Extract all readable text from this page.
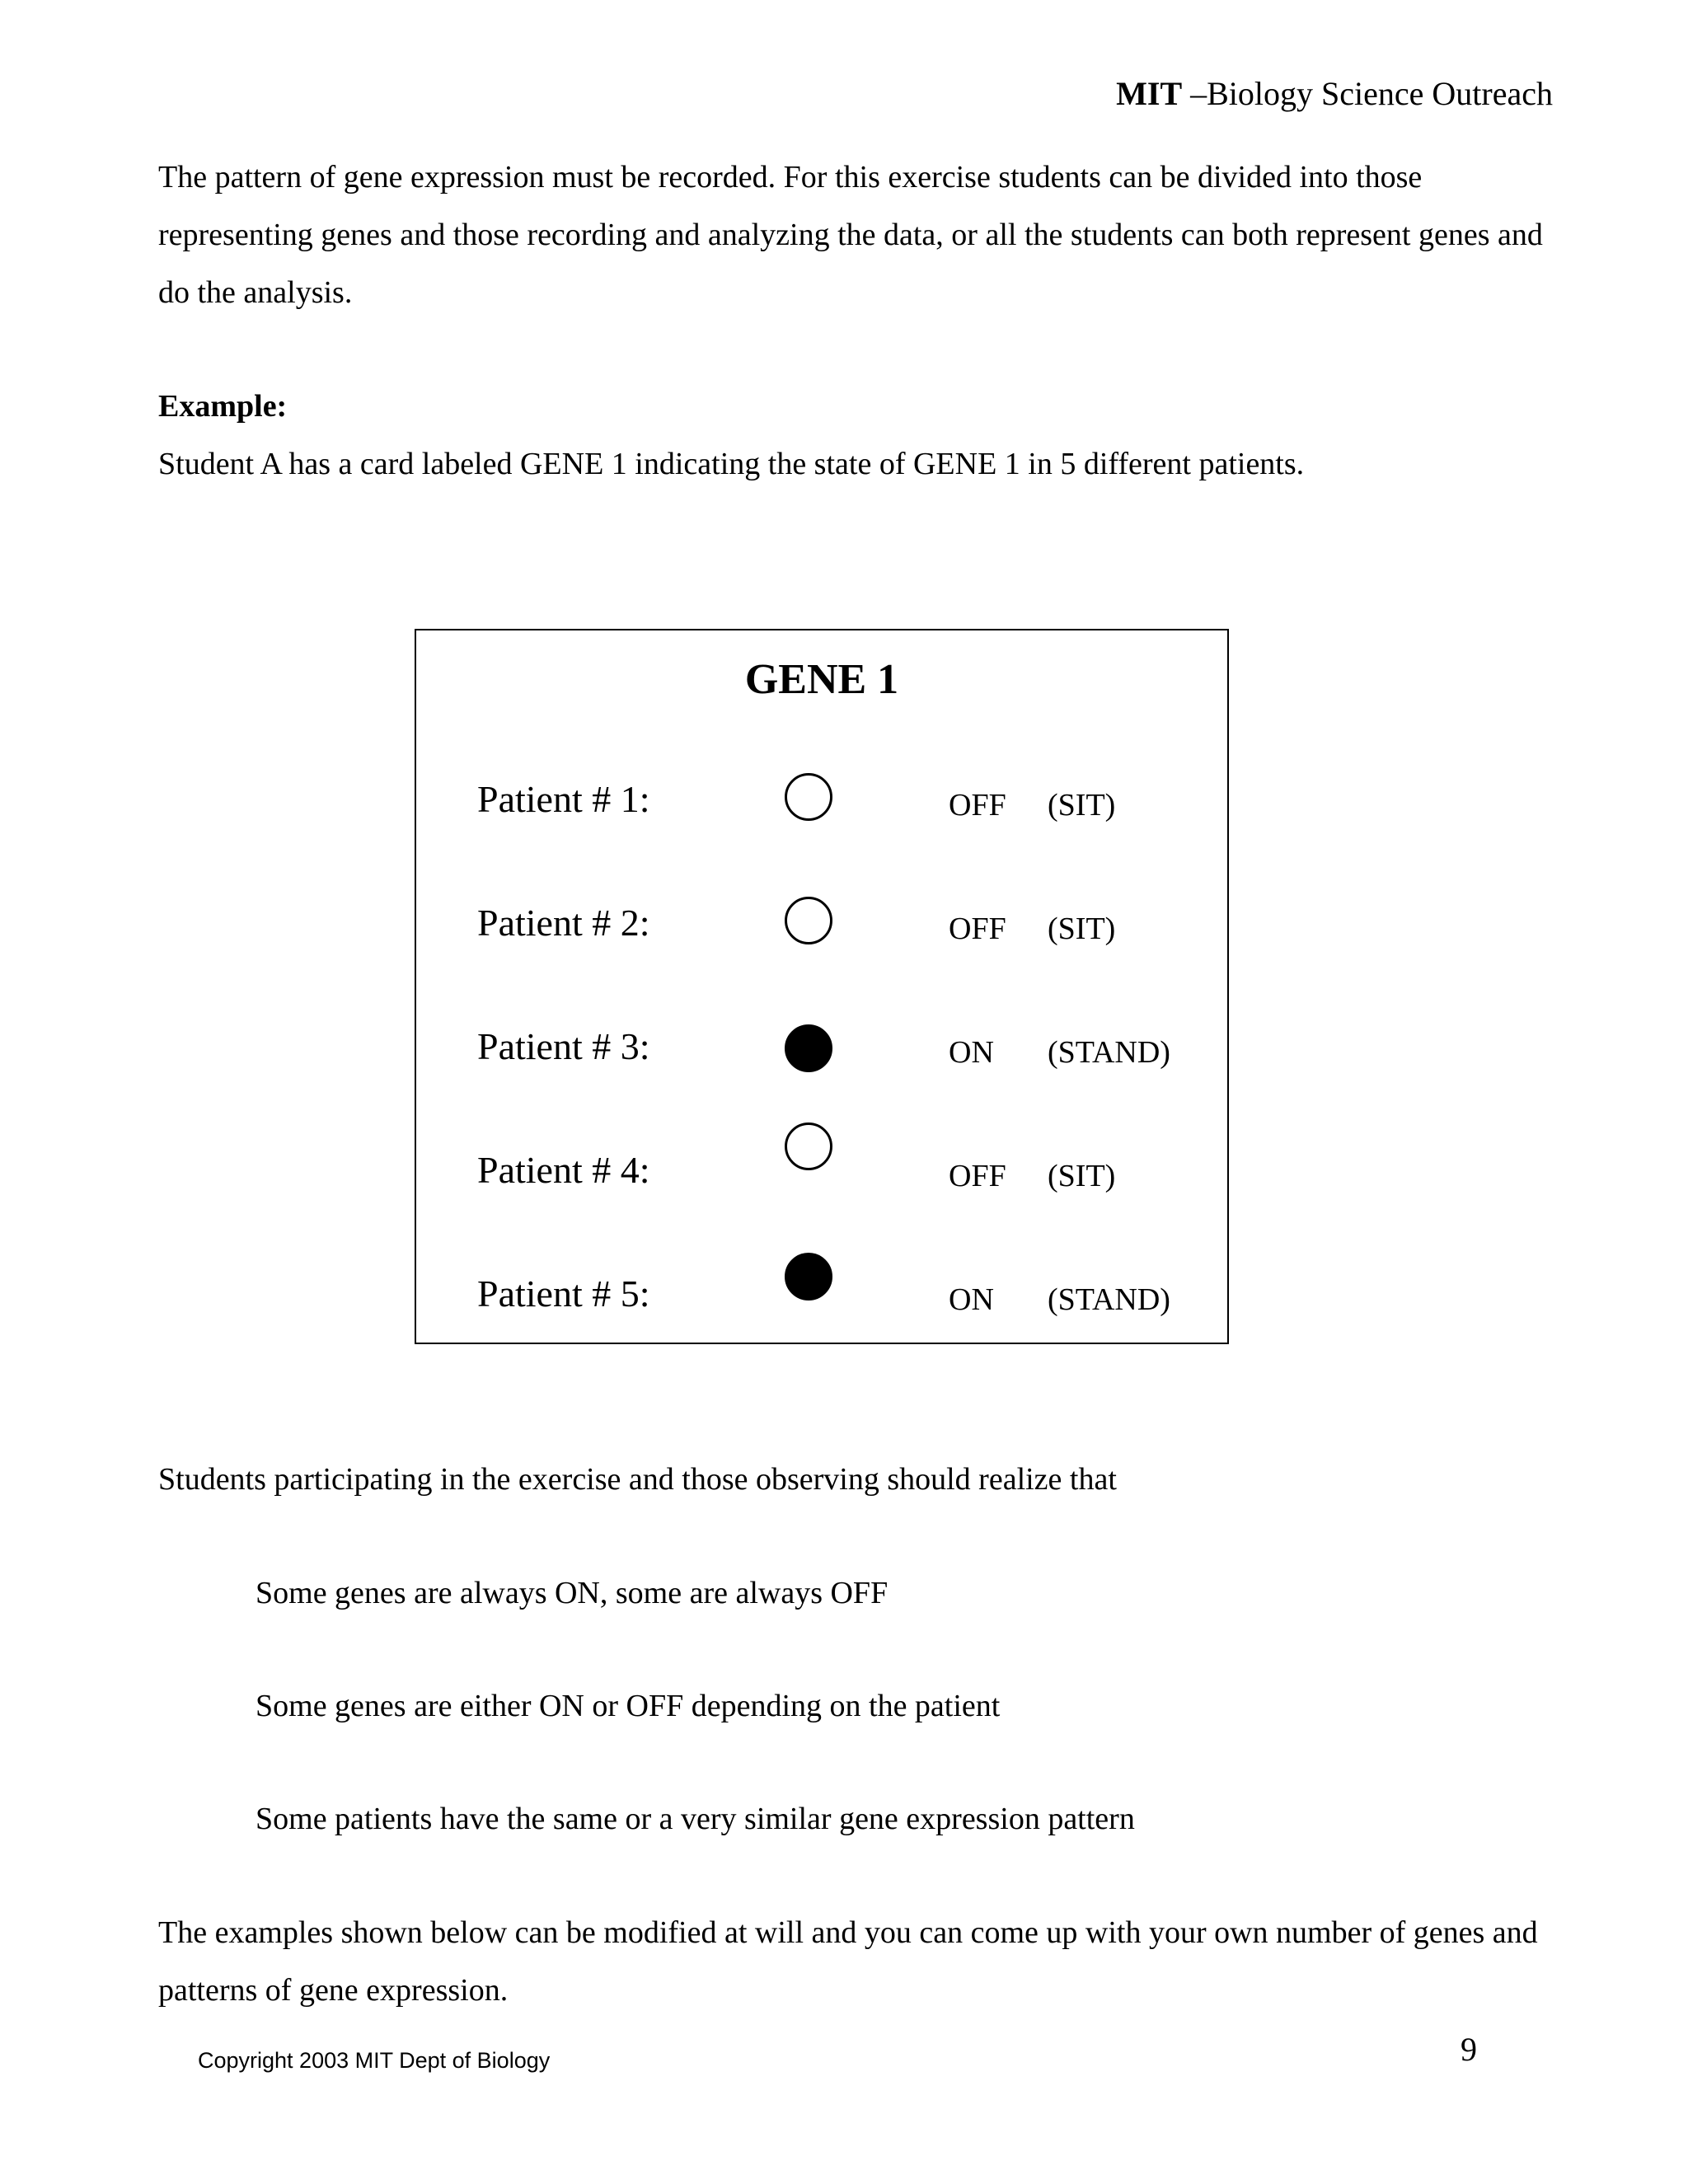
MIT –Biology Science Outreach
The pattern of gene expression must be recorded. For this exercise students can be divided into those representing genes and those recording and analyzing the data, or all the students can both represent genes and do the analysis.
Example:
Student A has a card labeled GENE 1 indicating the state of GENE 1 in 5 different patients.
GENE 1
Patient # 1:	OFF (SIT)
Patient # 2:	OFF (SIT)
Patient # 3:	ON (STAND)
Patient # 4:	OFF (SIT)
Patient # 5:	ON (STAND)
Students participating in the exercise and those observing should realize that
Some genes are always ON, some are always OFF
Some genes are either ON or OFF depending on the patient
Some patients have the same or a very similar gene expression pattern
The examples shown below can be modified at will and you can come up with your own number of genes and patterns of gene expression.
Copyright 2003 MIT Dept of Biology	9
